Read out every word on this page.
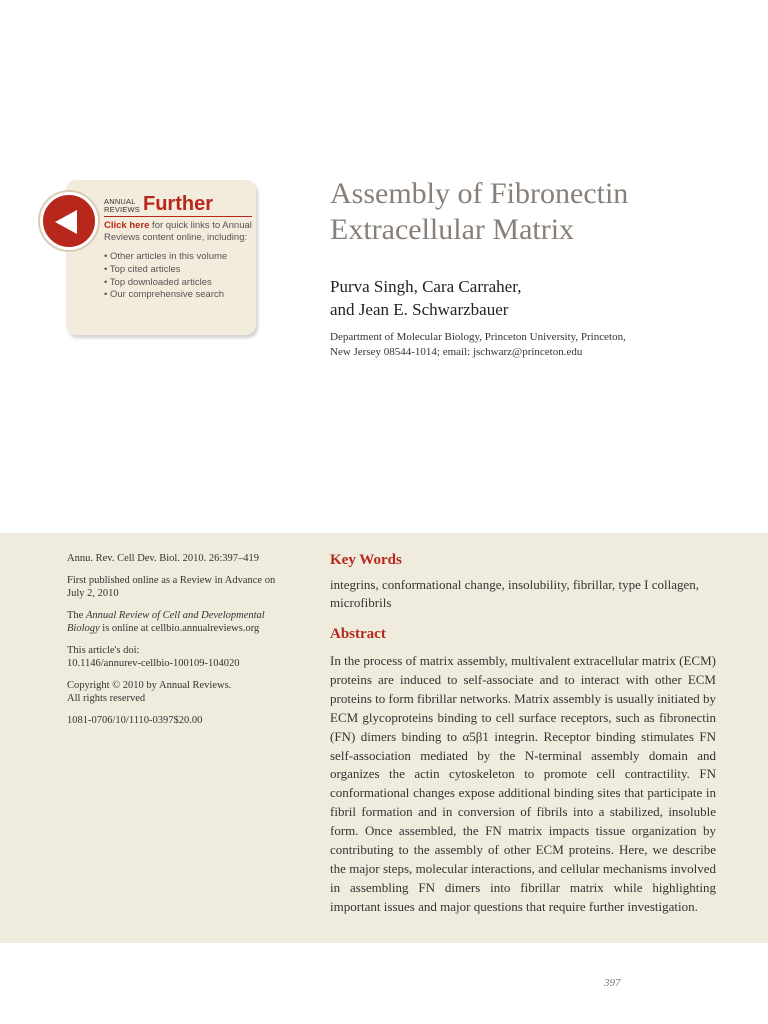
ANNUAL
REVIEWS Further
Click here for quick links to Annual Reviews content online, including:
• Other articles in this volume
• Top cited articles
• Top downloaded articles
• Our comprehensive search
Assembly of Fibronectin
Extracellular Matrix
Purva Singh, Cara Carraher,
and Jean E. Schwarzbauer
Department of Molecular Biology, Princeton University, Princeton,
New Jersey 08544-1014; email: jschwarz@princeton.edu

Annu. Rev. Cell Dev. Biol. 2010. 26:397–419

First published online as a Review in Advance on July 2, 2010

The Annual Review of Cell and Developmental Biology is online at cellbio.annualreviews.org

This article's doi:
10.1146/annurev-cellbio-100109-104020

Copyright © 2010 by Annual Reviews.
All rights reserved

1081-0706/10/1110-0397$20.00

Key Words

integrins, conformational change, insolubility, fibrillar, type I collagen, microfibrils

Abstract

In the process of matrix assembly, multivalent extracellular matrix (ECM) proteins are induced to self-associate and to interact with other ECM proteins to form fibrillar networks. Matrix assembly is usually initiated by ECM glycoproteins binding to cell surface receptors, such as fibronectin (FN) dimers binding to α5β1 integrin. Receptor binding stimulates FN self-association mediated by the N-terminal assembly domain and organizes the actin cytoskeleton to promote cell contractility. FN conformational changes expose additional binding sites that participate in fibril formation and in conversion of fibrils into a stabilized, insoluble form. Once assembled, the FN matrix impacts tissue organization by contributing to the assembly of other ECM proteins. Here, we describe the major steps, molecular interactions, and cellular mechanisms involved in assembling FN dimers into fibrillar matrix while highlighting important issues and major questions that require further investigation.

397
